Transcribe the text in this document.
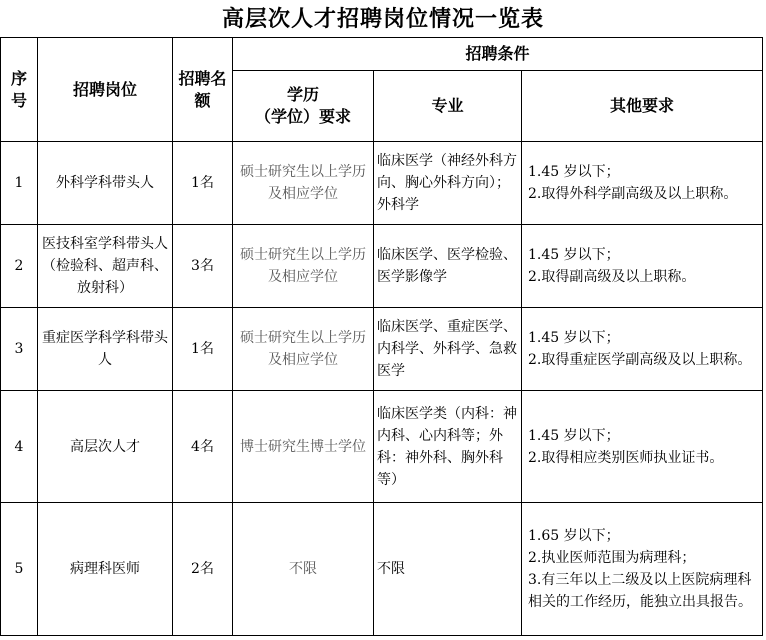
高层次人才招聘岗位情况一览表
序号	招聘岗位	招聘名额	招聘条件		

			学历
（学位）要求	专业	其他要求
1	外科学科带头人	1名	硕士研究生以上学历及相应学位	临床医学（神经外科方向、胸心外科方向）；外科学	1.45 岁以下；
2.取得外科学副高级及以上职称。

2	医技科室学科带头人（检验科、超声科、放射科）	3名	硕士研究生以上学历及相应学位	临床医学、医学检验、医学影像学	1.45 岁以下；
2.取得副高级及以上职称。

3	重症医学科学科带头人	1名	硕士研究生以上学历及相应学位	临床医学、重症医学、内科学、外科学、急救医学	1.45 岁以下；
2.取得重症医学副高级及以上职称。

4	高层次人才	4名	博士研究生博士学位	临床医学类（内科：神内科、心内科等；外科：神外科、胸外科等）	1.45 岁以下；
2.取得相应类别医师执业证书。

5	病理科医师	2名	不限	不限	1.65 岁以下；
2.执业医师范围为病理科；
3.有三年以上二级及以上医院病理科相关的工作经历，能独立出具报告。
